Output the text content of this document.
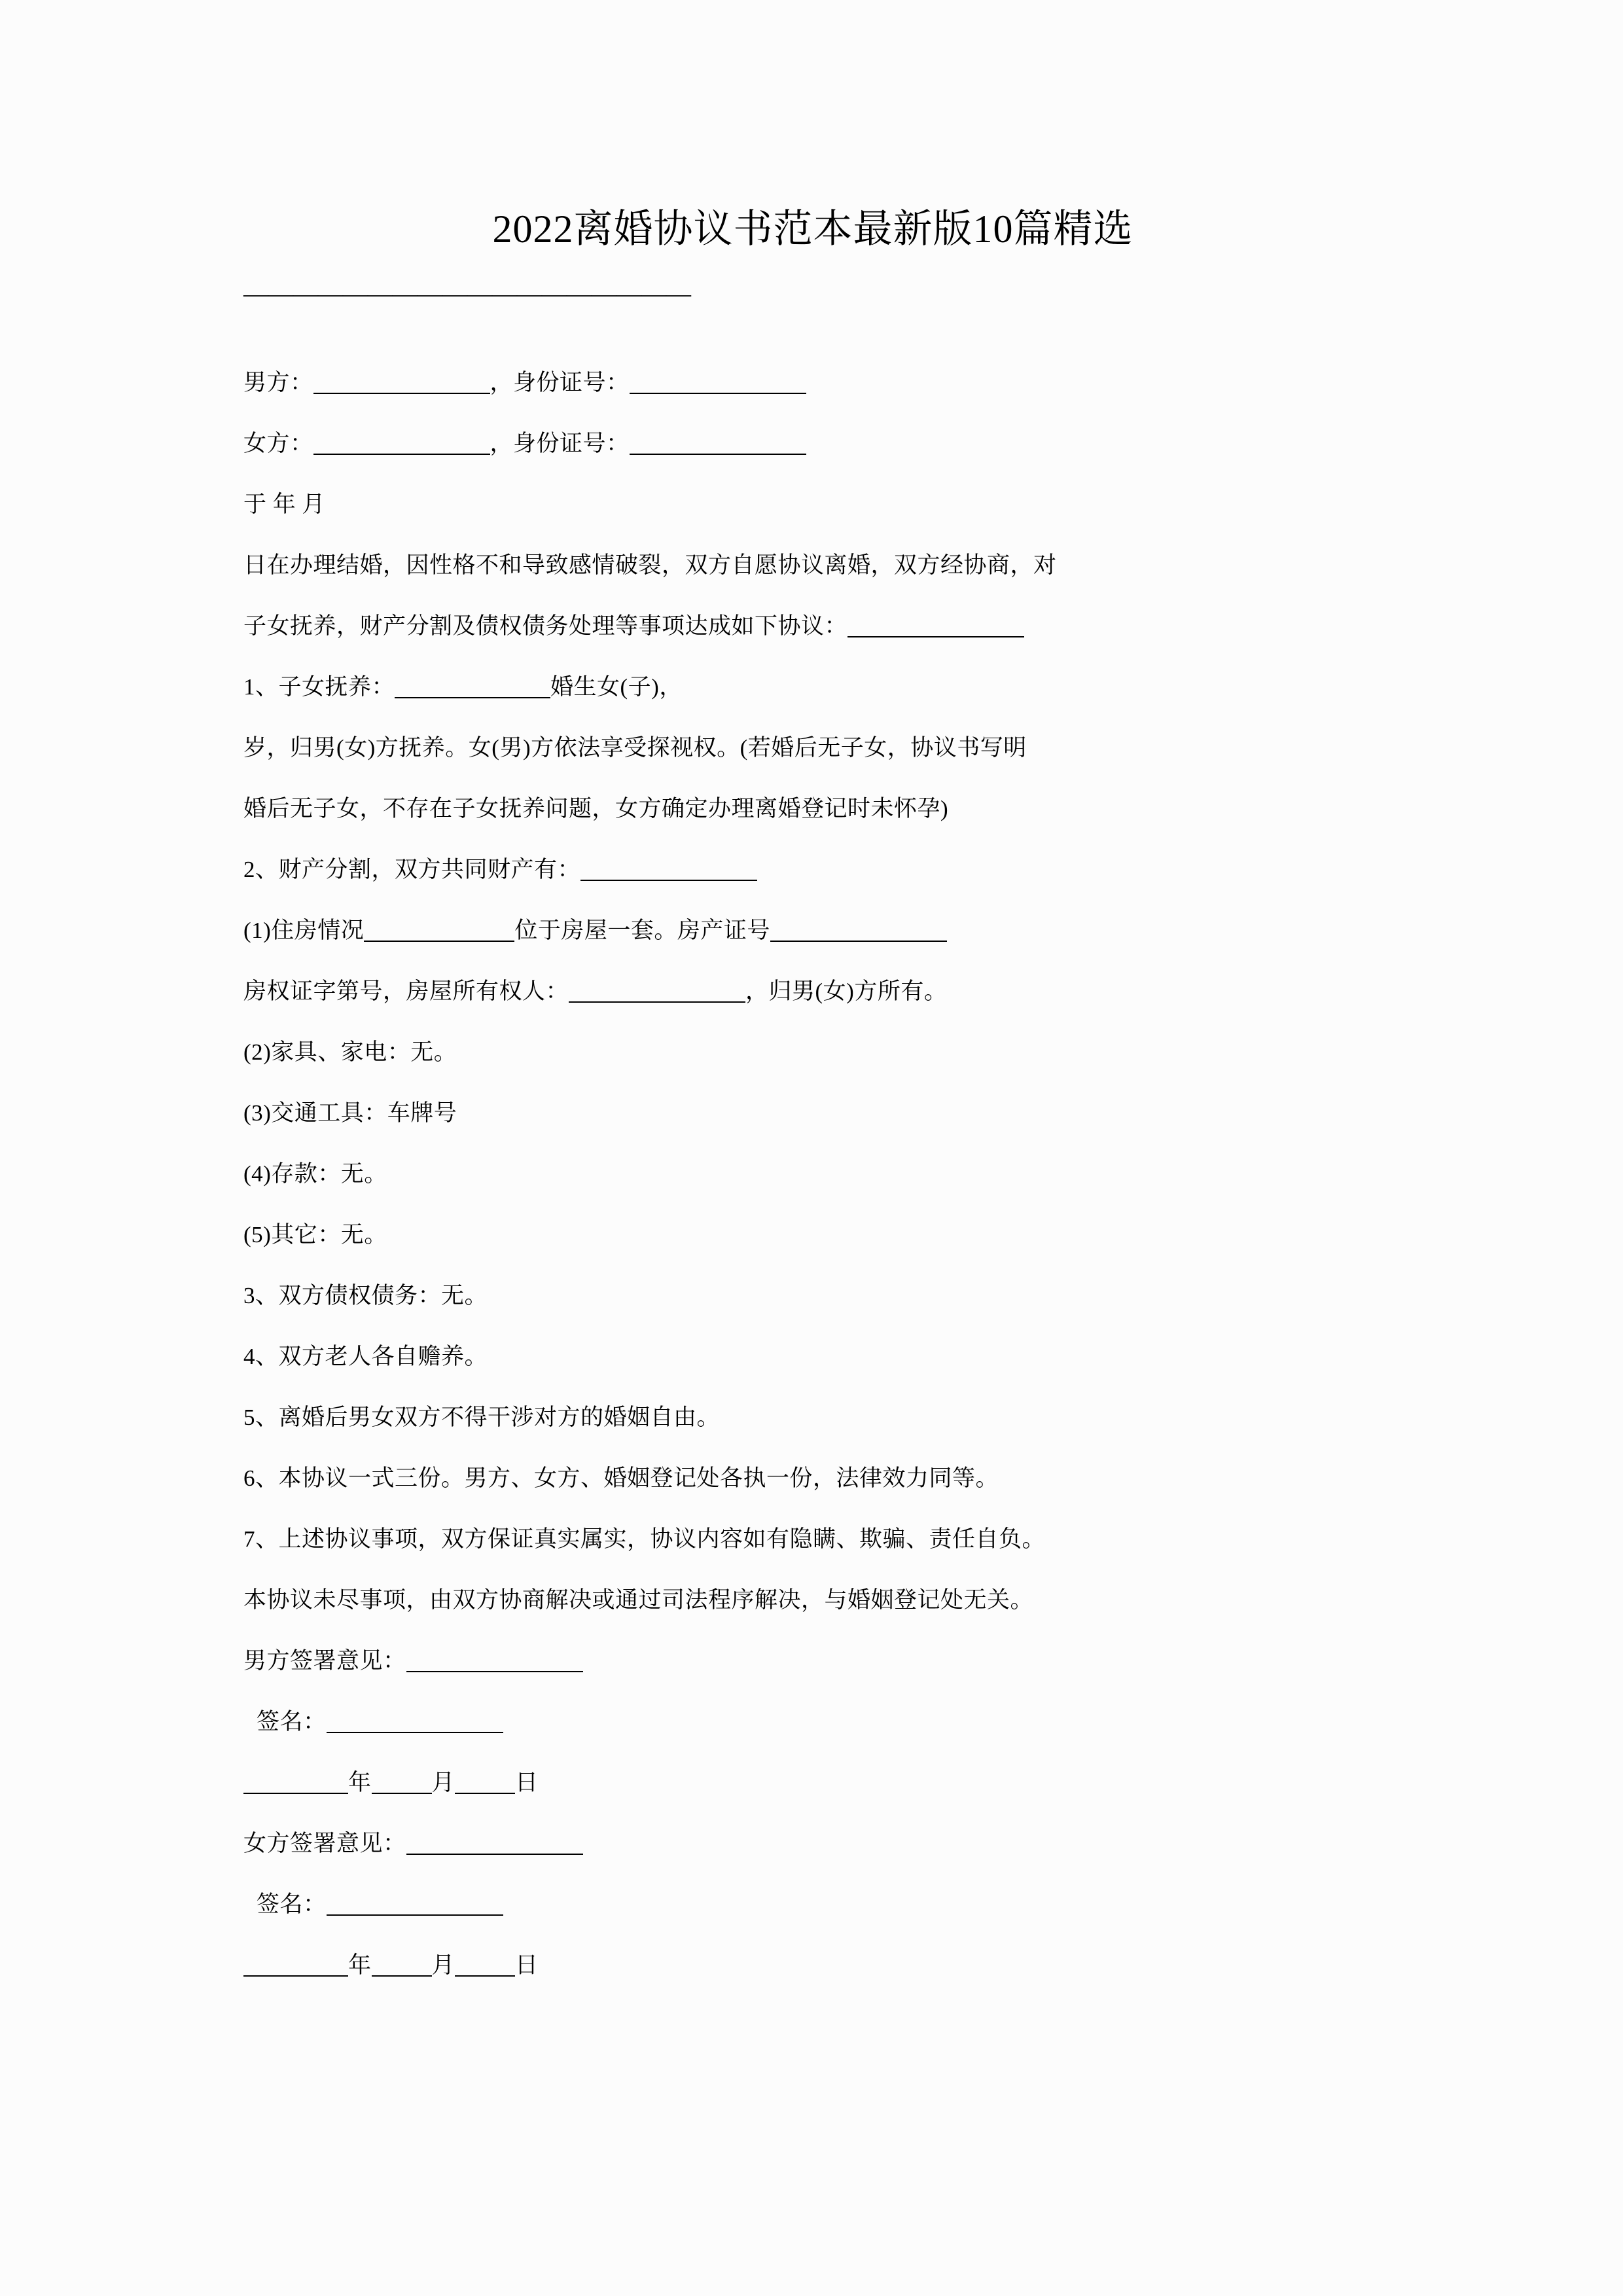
2022离婚协议书范本最新版10篇精选
——————————————————
男方：	，身份证号：
女方：	，身份证号：
于 年 月
日在办理结婚，因性格不和导致感情破裂，双方自愿协议离婚，双方经协商，对
子女抚养，财产分割及债权债务处理等事项达成如下协议：
1、子女抚养：	婚生女(子)，
岁，归男(女)方抚养。女(男)方依法享受探视权。(若婚后无子女，协议书写明
婚后无子女，不存在子女抚养问题，女方确定办理离婚登记时未怀孕)
2、财产分割，双方共同财产有：
(1)住房情况	位于房屋一套。房产证号
房权证字第号，房屋所有权人：	，归男(女)方所有。
(2)家具、家电：无。
(3)交通工具：车牌号
(4)存款：无。
(5)其它：无。
3、双方债权债务：无。
4、双方老人各自赡养。
5、离婚后男女双方不得干涉对方的婚姻自由。
6、本协议一式三份。男方、女方、婚姻登记处各执一份，法律效力同等。
7、上述协议事项，双方保证真实属实，协议内容如有隐瞒、欺骗、责任自负。
本协议未尽事项，由双方协商解决或通过司法程序解决，与婚姻登记处无关。
男方签署意见：
签名：
年	月	日
女方签署意见：
签名：
年	月	日
